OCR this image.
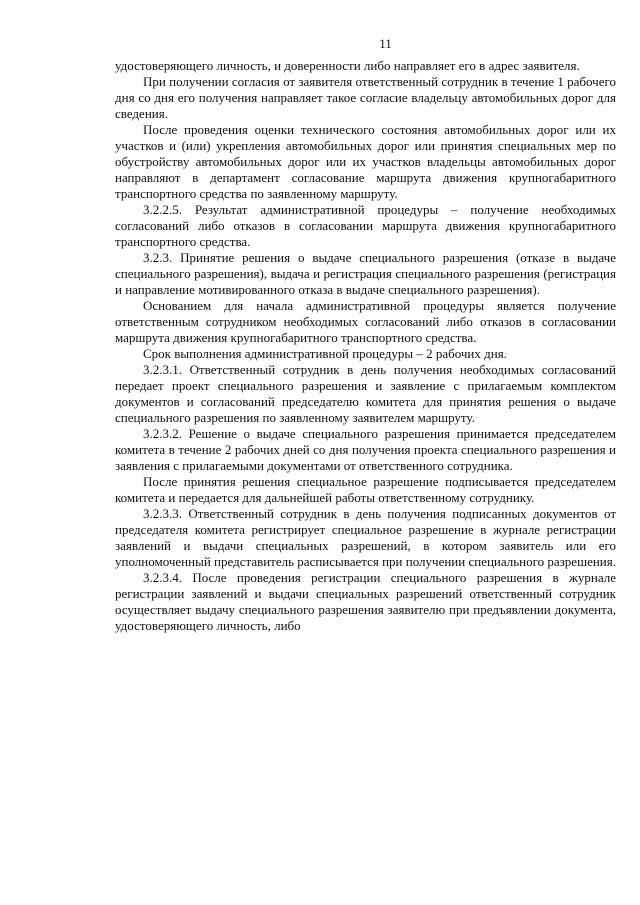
11

удостоверяющего личность, и доверенности либо направляет его в адрес заявителя.

При получении согласия от заявителя ответственный сотрудник в течение 1 рабочего дня со дня его получения направляет такое согласие владельцу автомобильных дорог для сведения.

После проведения оценки технического состояния автомобильных дорог или их участков и (или) укрепления автомобильных дорог или принятия специальных мер по обустройству автомобильных дорог или их участков владельцы автомобильных дорог направляют в департамент согласование маршрута движения крупногабаритного транспортного средства по заявленному маршруту.

3.2.2.5. Результат административной процедуры – получение необходимых согласований либо отказов в согласовании маршрута движения крупногабаритного транспортного средства.

3.2.3. Принятие решения о выдаче специального разрешения (отказе в выдаче специального разрешения), выдача и регистрация специального разрешения (регистрация и направление мотивированного отказа в выдаче специального разрешения).

Основанием для начала административной процедуры является получение ответственным сотрудником необходимых согласований либо отказов в согласовании маршрута движения крупногабаритного транспортного средства.

Срок выполнения административной процедуры – 2 рабочих дня.

3.2.3.1. Ответственный сотрудник в день получения необходимых согласований передает проект специального разрешения и заявление с прилагаемым комплектом документов и согласований председателю комитета для принятия решения о выдаче специального разрешения по заявленному заявителем маршруту.

3.2.3.2. Решение о выдаче специального разрешения принимается председателем комитета в течение 2 рабочих дней со дня получения проекта специального разрешения и заявления с прилагаемыми документами от ответственного сотрудника.

После принятия решения специальное разрешение подписывается председателем комитета и передается для дальнейшей работы ответственному сотруднику.

3.2.3.3. Ответственный сотрудник в день получения подписанных документов от председателя комитета регистрирует специальное разрешение в журнале регистрации заявлений и выдачи специальных разрешений, в котором заявитель или его уполномоченный представитель расписывается при получении специального разрешения.

3.2.3.4. После проведения регистрации специального разрешения в журнале регистрации заявлений и выдачи специальных разрешений ответственный сотрудник осуществляет выдачу специального разрешения заявителю при предъявлении документа, удостоверяющего личность, либо
